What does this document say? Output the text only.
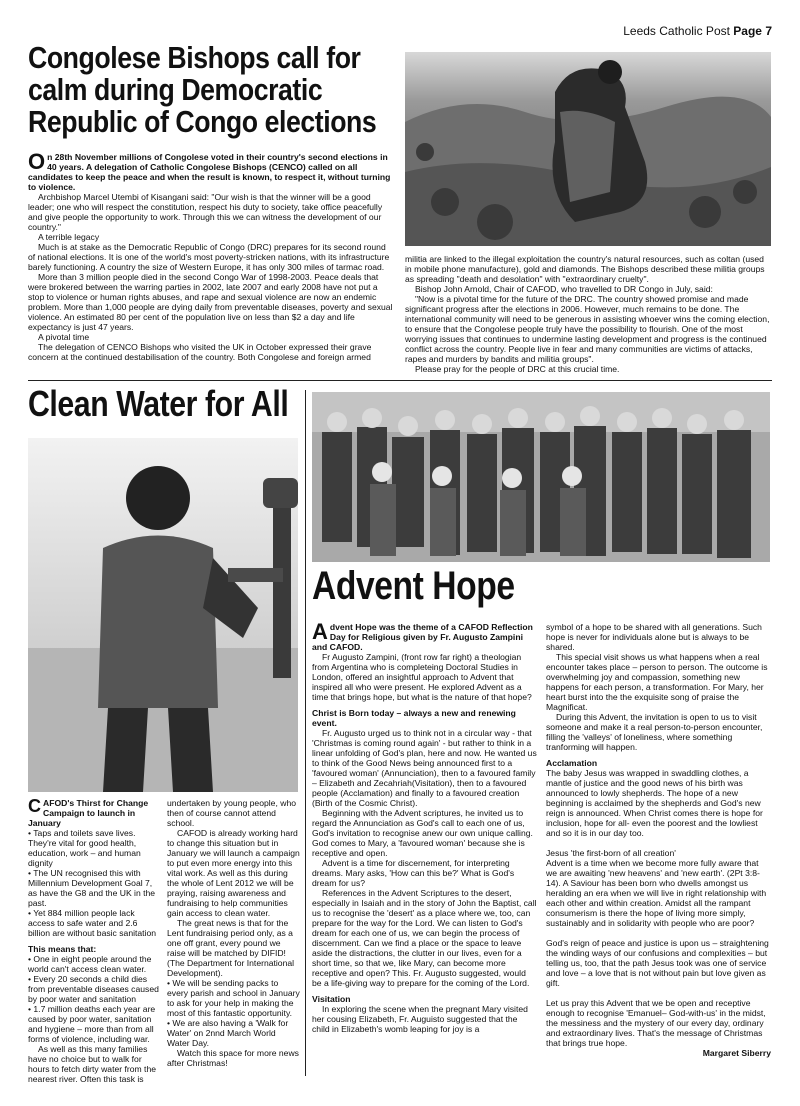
Leeds Catholic Post Page 7
Congolese Bishops call for calm during Democratic Republic of Congo elections

On 28th November millions of Congolese voted in their country's second elections in 40 years. A delegation of Catholic Congolese Bishops (CENCO) called on all candidates to keep the peace and when the result is known, to respect it, without turning to violence.

Archbishop Marcel Utembi of Kisangani said: "Our wish is that the winner will be a good leader; one who will respect the constitution, respect his duty to society, take office peacefully and give people the opportunity to work. Through this we can witness the development of our country."

A terrible legacy

Much is at stake as the Democratic Republic of Congo (DRC) prepares for its second round of national elections. It is one of the world's most poverty-stricken nations, with its infrastructure barely functioning. A country the size of Western Europe, it has only 300 miles of tarmac road.

More than 3 million people died in the second Congo War of 1998-2003. Peace deals that were brokered between the warring parties in 2002, late 2007 and early 2008 have not put a stop to violence or human rights abuses, and rape and sexual violence are now an endemic problem. More than 1,000 people are dying daily from preventable diseases, poverty and sexual violence. An estimated 80 per cent of the population live on less than $2 a day and life expectancy is just 47 years.

A pivotal time

The delegation of CENCO Bishops who visited the UK in October expressed their grave concern at the continued destabilisation of the country. Both Congolese and foreign armed

militia are linked to the illegal exploitation the country's natural resources, such as coltan (used in mobile phone manufacture), gold and diamonds. The Bishops described these militia groups as spreading "death and desolation" with "extraordinary cruelty".

Bishop John Arnold, Chair of CAFOD, who travelled to DR Congo in July, said:

"Now is a pivotal time for the future of the DRC. The country showed promise and made significant progress after the elections in 2006. However, much remains to be done. The international community will need to be generous in assisting whoever wins the coming election, to ensure that the Congolese people truly have the possibility to flourish. One of the most worrying issues that continues to undermine lasting development and progress is the continued conflict across the country. People live in fear and many communities are victims of attacks, rapes and murders by bandits and militia groups".

Please pray for the people of DRC at this crucial time.

Clean Water for All

CAFOD's Thirst for Change Campaign to launch in January

• Taps and toilets save lives. They're vital for good health, education, work – and human dignity

• The UN recognised this with Millennium Development Goal 7, as have the G8 and the UK in the past.

• Yet 884 million people lack access to safe water and 2.6 billion are without basic sanitation

This means that:

• One in eight people around the world can't access clean water.

• Every 20 seconds a child dies from preventable diseases caused by poor water and sanitation

• 1.7 million deaths each year are caused by poor water, sanitation and hygiene – more than from all forms of violence, including war.

As well as this many families have no choice but to walk for hours to fetch dirty water from the nearest river. Often this task is

undertaken by young people, who then of course cannot attend school.

CAFOD is already working hard to change this situation but in January we will launch a campaign to put even more energy into this vital work. As well as this during the whole of Lent 2012 we will be praying, raising awareness and fundraising to help communities gain access to clean water.

The great news is that for the Lent fundraising period only, as a one off grant, every pound we raise will be matched by DIFID! (The Department for International Development).

• We will be sending packs to every parish and school in January to ask for your help in making the most of this fantastic opportunity.

• We are also having a 'Walk for Water' on 2nnd March World Water Day.

Watch this space for more news after Christmas!

Advent Hope

Advent Hope was the theme of a CAFOD Reflection Day for Religious given by Fr. Augusto Zampini and CAFOD.

Fr Augusto Zampini, (front row far right) a theologian from Argentina who is completeing Doctoral Studies in London, offered an insightful approach to Advent that inspired all who were present. He explored Advent as a time that brings hope, but what is the nature of that hope?

Christ is Born today – always a new and renewing event.

Fr. Augusto urged us to think not in a circular way - that 'Christmas is coming round again' - but rather to think in a linear unfolding of God's plan, here and now. He wanted us to think of the Good News being announced first to a 'favoured woman' (Annunciation), then to a favoured family – Elizabeth and Zecahriah(Visitation), then to a favoured people (Acclamation) and finally to a favoured creation (Birth of the Cosmic Christ).

Beginning with the Advent scriptures, he invited us to regard the Annunciation as God's call to each one of us, God's invitation to recognise anew our own unique calling. God comes to Mary, a 'favoured woman' because she is receptive and open.

Advent is a time for discernement, for interpreting dreams. Mary asks, 'How can this be?' What is God's dream for us?

References in the Advent Scriptures to the desert, especially in Isaiah and in the story of John the Baptist, call us to recognise the 'desert' as a place where we, too, can prepare for the way for the Lord. We can listen to God's dream for each one of us, we can begin the process of discernment. Can we find a place or the space to leave aside the distractions, the clutter in our lives, even for a short time, so that we, like Mary, can become more receptive and open? This. Fr. Augusto suggested, would be a life-giving way to prepare for the coming of the Lord.

Visitation

In exploring the scene when the pregnant Mary visited her cousing Elizabeth, Fr. Auguisto suggested that the child in Elizabeth's womb leaping for joy is a

symbol of a hope to be shared with all generations. Such hope is never for individuals alone but is always to be shared.

This special visit shows us what happens when a real encounter takes place – person to person. The outcome is overwhelming joy and compassion, something new happens for each person, a transformation. For Mary, her heart burst into the the exquisite song of praise the Magnificat.

During this Advent, the invitation is open to us to visit someone and make it a real person-to-person encounter, filling the 'valleys' of loneliness, where something tranforming will happen.

Acclamation

The baby Jesus was wrapped in swaddling clothes, a mantle of justice and the good news of his birth was announced to lowly shepherds. The hope of a new beginning is acclaimed by the shepherds and God's new reign is announced. When Christ comes there is hope for inclusion, hope for all- even the poorest and the lowliest and so it is in our day too.

Jesus 'the first-born of all creation'

Advent is a time when we become more fully aware that we are awaiting 'new heavens' and 'new earth'. (2Pt 3:8-14). A Saviour has been born who dwells amongst us heralding an era when we will live in right relationship with each other and within creation. Amidst all the rampant consumerism is there the hope of living more simply, sustainably and in solidarity with people who are poor?

God's reign of peace and justice is upon us – straightening the winding ways of our confusions and complexities – but telling us, too, that the path Jesus took was one of service and love – a love that is not without pain but love given as gift.

Let us pray this Advent that we be open and receptive enough to recognise 'Emanuel– God-with-us' in the midst, the messiness and the mystery of our every day, ordinary and extraordinary lives. That's the message of Christmas that brings true hope.

Margaret Siberry
